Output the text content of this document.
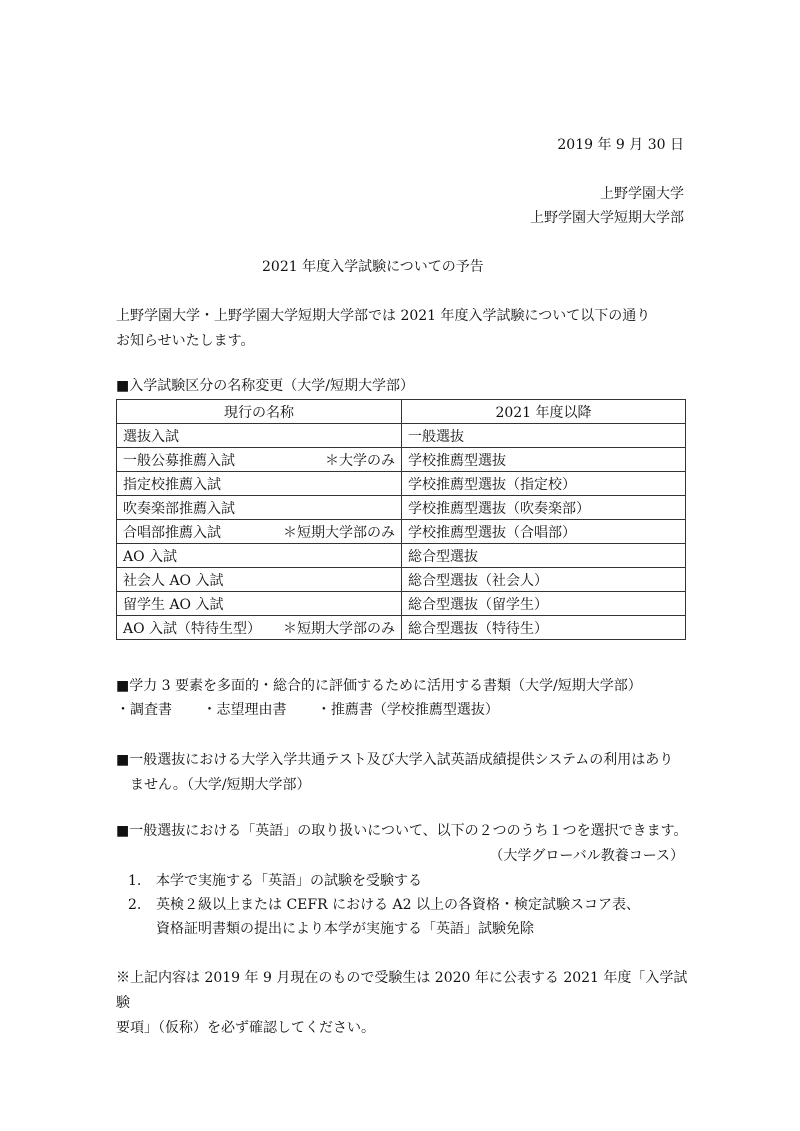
2019 年 9 月 30 日
上野学園大学
上野学園大学短期大学部
2021 年度入学試験についての予告
上野学園大学・上野学園大学短期大学部では 2021 年度入学試験について以下の通り
お知らせいたします。
■入学試験区分の名称変更（大学/短期大学部）
現行の名称	2021 年度以降
選抜入試	一般選抜
一般公募推薦入試 ＊大学のみ	学校推薦型選抜
指定校推薦入試	学校推薦型選抜（指定校）
吹奏楽部推薦入試	学校推薦型選抜（吹奏楽部）
合唱部推薦入試 ＊短期大学部のみ	学校推薦型選抜（合唱部）
AO 入試	総合型選抜
社会人 AO 入試	総合型選抜（社会人）
留学生 AO 入試	総合型選抜（留学生）
AO 入試（特待生型） ＊短期大学部のみ	総合型選抜（特待生）
■学力 3 要素を多面的・総合的に評価するために活用する書類（大学/短期大学部）
・調査書 ・志望理由書 ・推薦書（学校推薦型選抜）
■一般選抜における大学入学共通テスト及び大学入試英語成績提供システムの利用はあり
ません。（大学/短期大学部）
■一般選抜における「英語」の取り扱いについて、以下の２つのうち１つを選択できます。
（大学グローバル教養コース）
1.	本学で実施する「英語」の試験を受験する
2.	英検２級以上または CEFR における A2 以上の各資格・検定試験スコア表、
資格証明書類の提出により本学が実施する「英語」試験免除
※上記内容は 2019 年 9 月現在のもので受験生は 2020 年に公表する 2021 年度「入学試験
要項」（仮称）を必ず確認してください。
